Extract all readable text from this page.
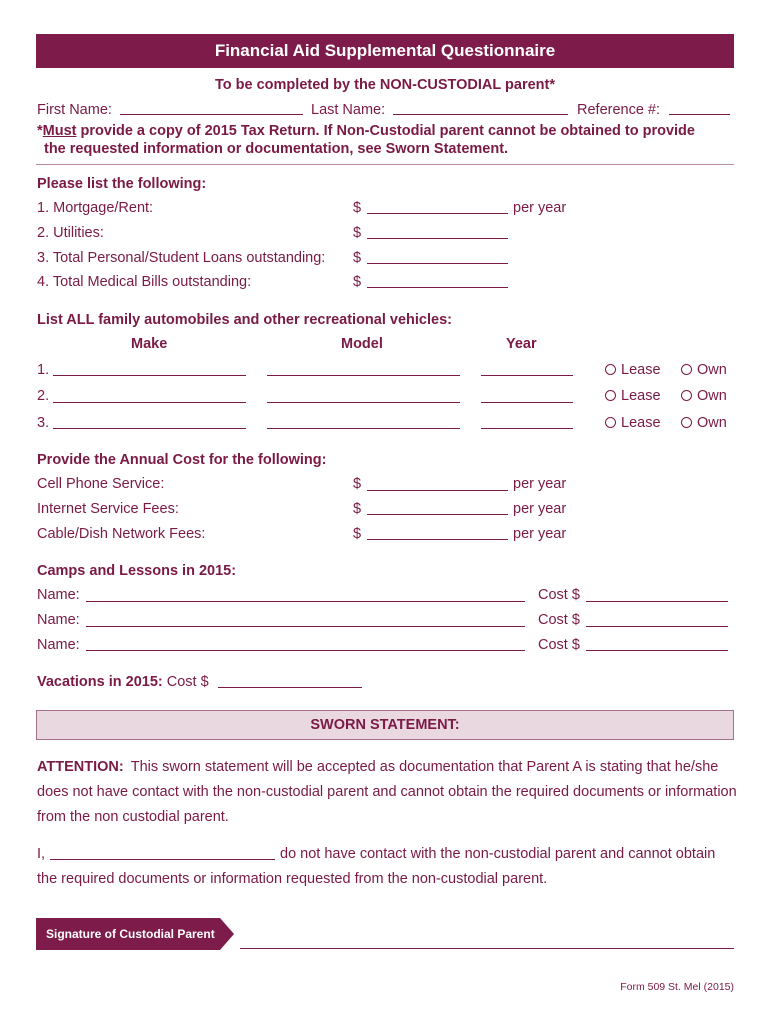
Financial Aid Supplemental Questionnaire
To be completed by the NON-CUSTODIAL parent*
First Name:	Last Name:	Reference #:
*Must provide a copy of 2015 Tax Return. If Non-Custodial parent cannot be obtained to provide
the requested information or documentation, see Sworn Statement.
Please list the following:
1. Mortgage/Rent:	$	per year
2. Utilities:	$
3. Total Personal/Student Loans outstanding: $
4. Total Medical Bills outstanding:	$
List ALL family automobiles and other recreational vehicles:
Make	Model	Year
1.	Lease	Own
2.	Lease	Own
3.	Lease	Own
Provide the Annual Cost for the following:
Cell Phone Service:	$	per year
Internet Service Fees:	$	per year
Cable/Dish Network Fees:	$	per year
Camps and Lessons in 2015:
Name:	Cost $
Name:	Cost $
Name:	Cost $
Vacations in 2015: Cost $
SWORN STATEMENT:
ATTENTION: This sworn statement will be accepted as documentation that Parent A is stating that he/she
does not have contact with the non-custodial parent and cannot obtain the required documents or information
from the non custodial parent.
I,	do not have contact with the non-custodial parent and cannot obtain
the required documents or information requested from the non-custodial parent.
Signature of Custodial Parent
Form 509 St. Mel (2015)
